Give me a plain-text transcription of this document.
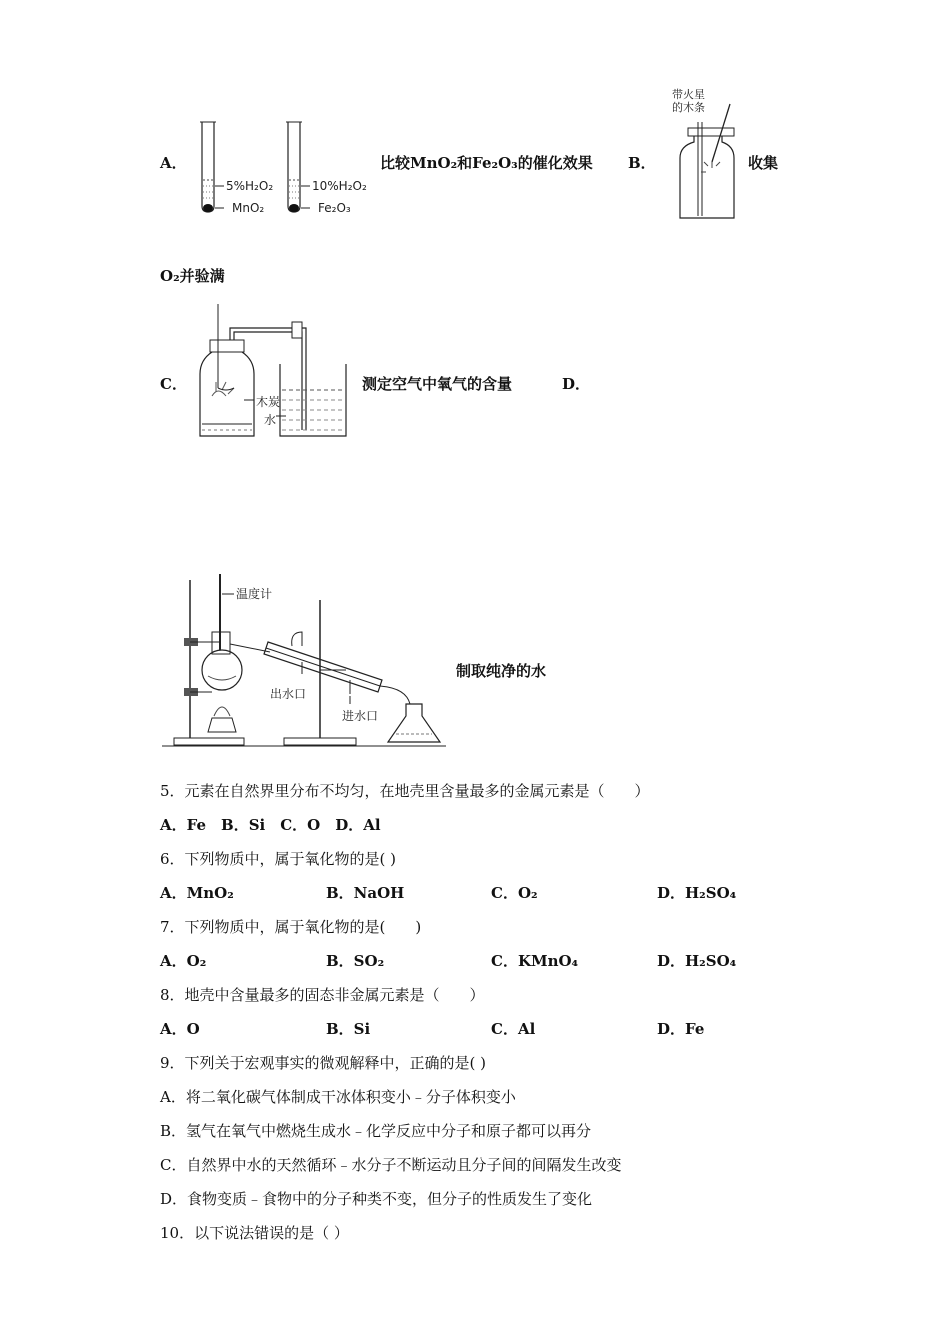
A．
5%H₂O₂
MnO₂
10%H₂O₂
Fe₂O₃
比较MnO₂和Fe₂O₃的催化效果 B．
带火星
的木条
收集
O₂并验满
C．
木炭
水
测定空气中氧气的含量	D．
温度计
出水口
进水口
制取纯净的水
5．元素在自然界里分布不均匀，在地壳里含量最多的金属元素是（　　）
A．Fe　B．Si　C．O　D．Al
6．下列物质中，属于氧化物的是( )
A．MnO₂	B．NaOH	C．O₂	D．H₂SO₄
7．下列物质中，属于氧化物的是(　　)
A．O₂	B．SO₂	C．KMnO₄	D．H₂SO₄
8．地壳中含量最多的固态非金属元素是（　　）
A．O	B．Si	C．Al	D．Fe
9．下列关于宏观事实的微观解释中，正确的是( )
A．将二氧化碳气体制成干冰体积变小﹣分子体积变小
B．氢气在氧气中燃烧生成水﹣化学反应中分子和原子都可以再分
C．自然界中水的天然循环﹣水分子不断运动且分子间的间隔发生改变
D．食物变质﹣食物中的分子种类不变，但分子的性质发生了变化
10．以下说法错误的是（ ）
